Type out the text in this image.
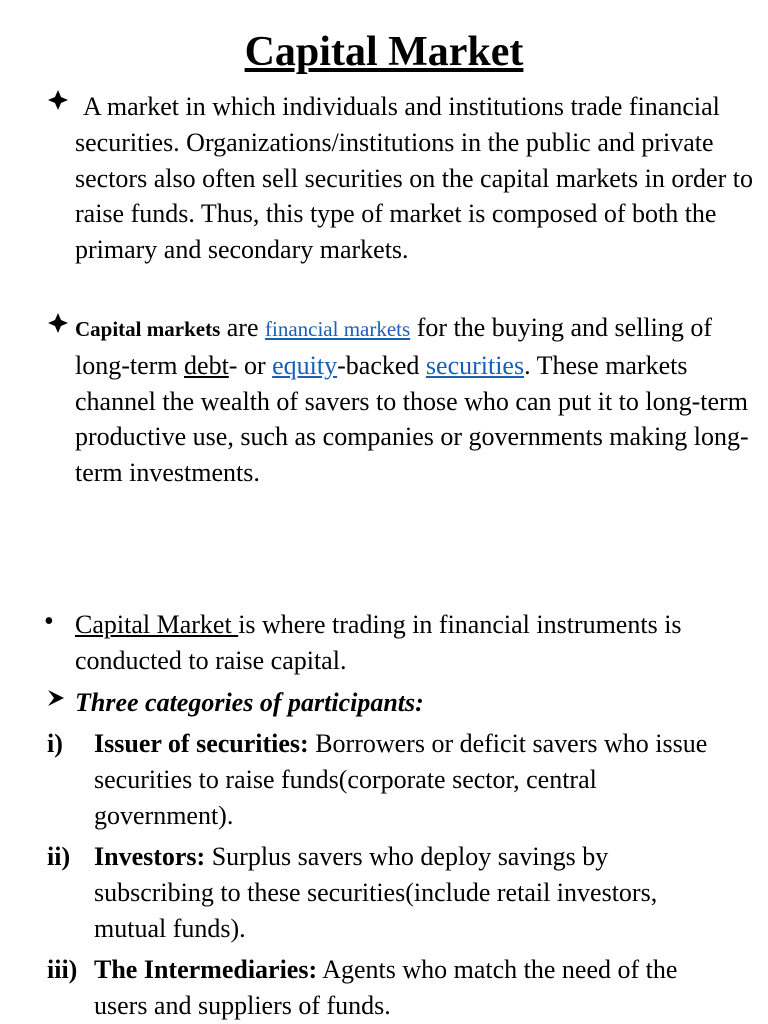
Capital Market
A market in which individuals and institutions trade financial securities. Organizations/institutions in the public and private sectors also often sell securities on the capital markets in order to raise funds. Thus, this type of market is composed of both the primary and secondary markets.
Capital markets are financial markets for the buying and selling of long-term debt- or equity-backed securities. These markets channel the wealth of savers to those who can put it to long-term productive use, such as companies or governments making long-term investments.
• Capital Market is where trading in financial instruments is conducted to raise capital.
Three categories of participants:
i) Issuer of securities: Borrowers or deficit savers who issue securities to raise funds(corporate sector, central government).
ii) Investors: Surplus savers who deploy savings by subscribing to these securities(include retail investors, mutual funds).
iii) The Intermediaries: Agents who match the need of the users and suppliers of funds.
